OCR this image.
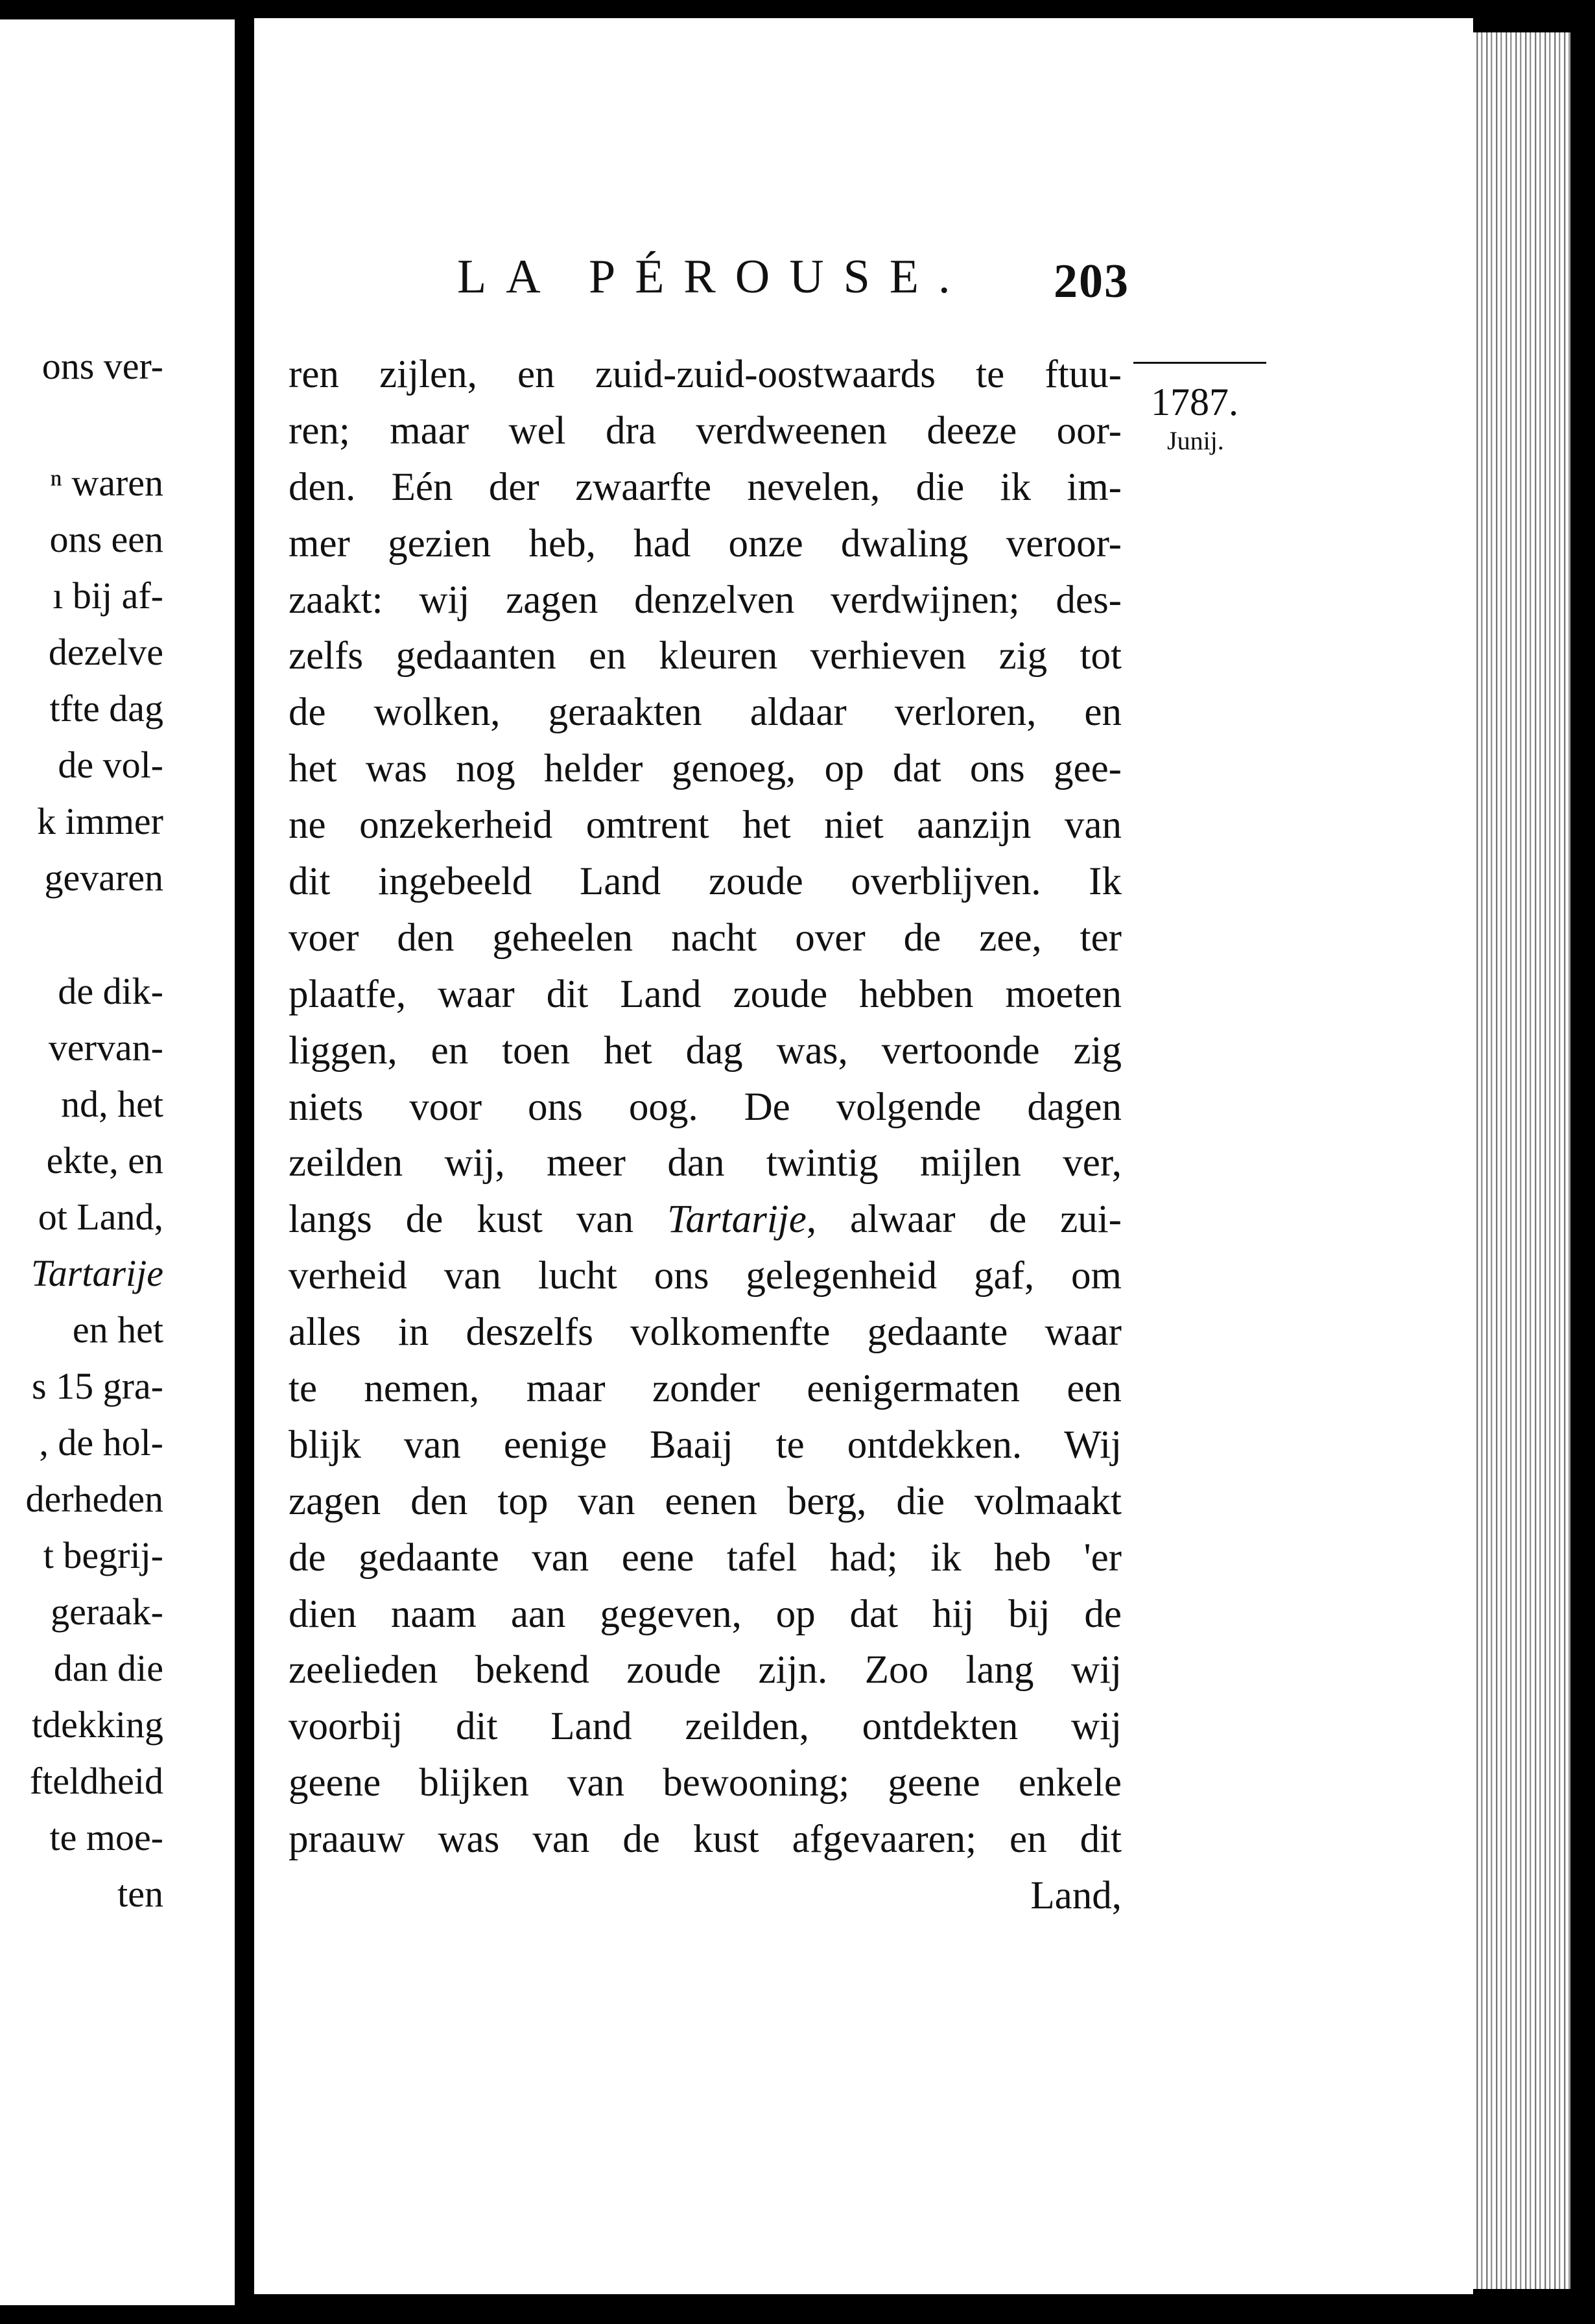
ons ver-
ⁿ waren
ons een
ı bij af-
dezelve
tfte dag
de vol-
k immer
gevaren
de dik-
vervan-
nd, het
ekte, en
ot Land,
Tartarije
en het
s 15 gra-
, de hol-
derheden
t begrij-
geraak-
dan die
tdekking
fteldheid
te moe-
ten
LA PÉROUSE. 203
1787.
Junij.
ren zijlen, en zuid-zuid-oostwaards te ftuu-
ren; maar wel dra verdweenen deeze oor-
den. Eén der zwaarfte nevelen, die ik im-
mer gezien heb, had onze dwaling veroor-
zaakt: wij zagen denzelven verdwijnen; des-
zelfs gedaanten en kleuren verhieven zig tot
de wolken, geraakten aldaar verloren, en
het was nog helder genoeg, op dat ons gee-
ne onzekerheid omtrent het niet aanzijn van
dit ingebeeld Land zoude overblijven. Ik
voer den geheelen nacht over de zee, ter
plaatfe, waar dit Land zoude hebben moeten
liggen, en toen het dag was, vertoonde zig
niets voor ons oog. De volgende dagen
zeilden wij, meer dan twintig mijlen ver,
langs de kust van Tartarije, alwaar de zui-
verheid van lucht ons gelegenheid gaf, om
alles in deszelfs volkomenfte gedaante waar
te nemen, maar zonder eenigermaten een
blijk van eenige Baaij te ontdekken. Wij
zagen den top van eenen berg, die volmaakt
de gedaante van eene tafel had; ik heb 'er
dien naam aan gegeven, op dat hij bij de
zeelieden bekend zoude zijn. Zoo lang wij
voorbij dit Land zeilden, ontdekten wij
geene blijken van bewooning; geene enkele
praauw was van de kust afgevaaren; en dit
Land,
